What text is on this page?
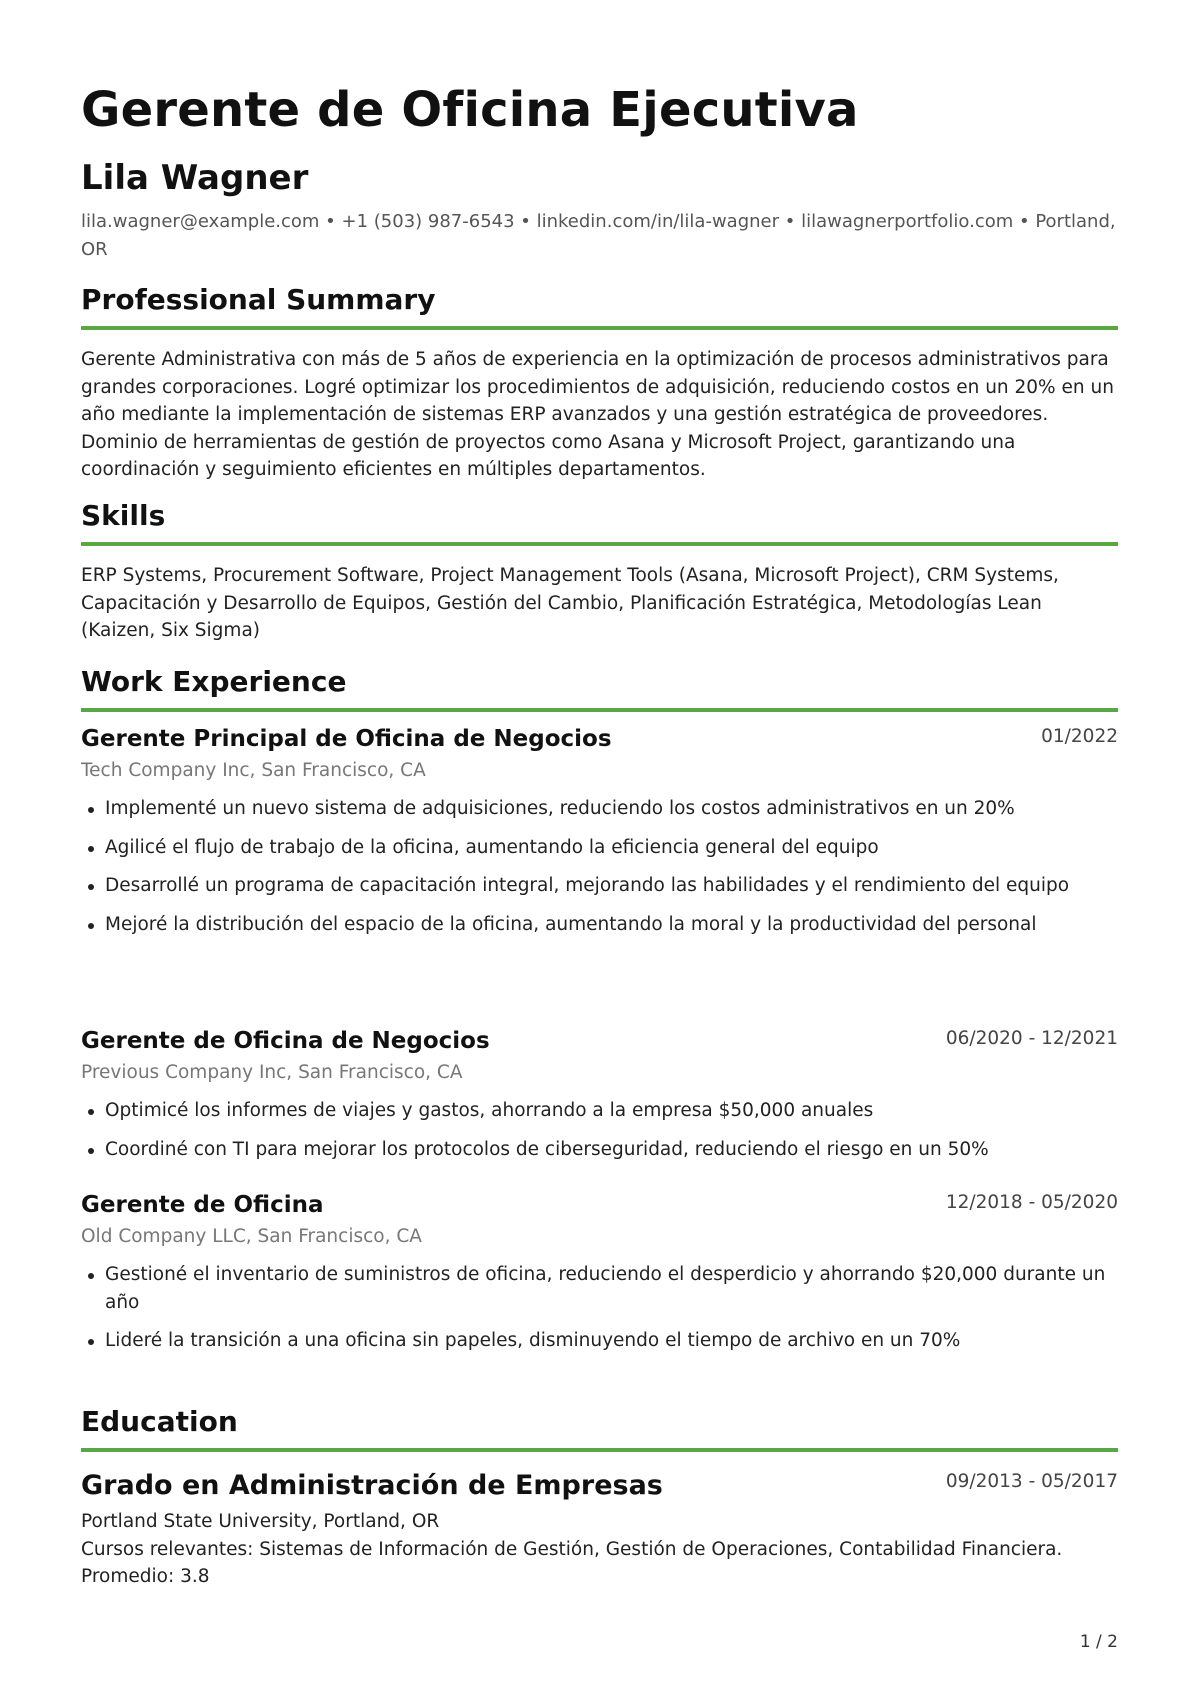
Gerente de Oficina Ejecutiva
Lila Wagner
lila.wagner@example.com • +1 (503) 987-6543 • linkedin.com/in/lila-wagner • lilawagnerportfolio.com • Portland, OR
Professional Summary
Gerente Administrativa con más de 5 años de experiencia en la optimización de procesos administrativos para grandes corporaciones. Logré optimizar los procedimientos de adquisición, reduciendo costos en un 20% en un año mediante la implementación de sistemas ERP avanzados y una gestión estratégica de proveedores. Dominio de herramientas de gestión de proyectos como Asana y Microsoft Project, garantizando una coordinación y seguimiento eficientes en múltiples departamentos.
Skills
ERP Systems, Procurement Software, Project Management Tools (Asana, Microsoft Project), CRM Systems, Capacitación y Desarrollo de Equipos, Gestión del Cambio, Planificación Estratégica, Metodologías Lean (Kaizen, Six Sigma)
Work Experience
Gerente Principal de Oficina de Negocios	01/2022
Tech Company Inc, San Francisco, CA
Implementé un nuevo sistema de adquisiciones, reduciendo los costos administrativos en un 20%
Agilicé el flujo de trabajo de la oficina, aumentando la eficiencia general del equipo
Desarrollé un programa de capacitación integral, mejorando las habilidades y el rendimiento del equipo
Mejoré la distribución del espacio de la oficina, aumentando la moral y la productividad del personal
Gerente de Oficina de Negocios	06/2020 - 12/2021
Previous Company Inc, San Francisco, CA
Optimicé los informes de viajes y gastos, ahorrando a la empresa $50,000 anuales
Coordiné con TI para mejorar los protocolos de ciberseguridad, reduciendo el riesgo en un 50%
Gerente de Oficina	12/2018 - 05/2020
Old Company LLC, San Francisco, CA
Gestioné el inventario de suministros de oficina, reduciendo el desperdicio y ahorrando $20,000 durante un año
Lideré la transición a una oficina sin papeles, disminuyendo el tiempo de archivo en un 70%
Education
Grado en Administración de Empresas	09/2013 - 05/2017
Portland State University, Portland, OR
Cursos relevantes: Sistemas de Información de Gestión, Gestión de Operaciones, Contabilidad Financiera.
Promedio: 3.8
1 / 2
